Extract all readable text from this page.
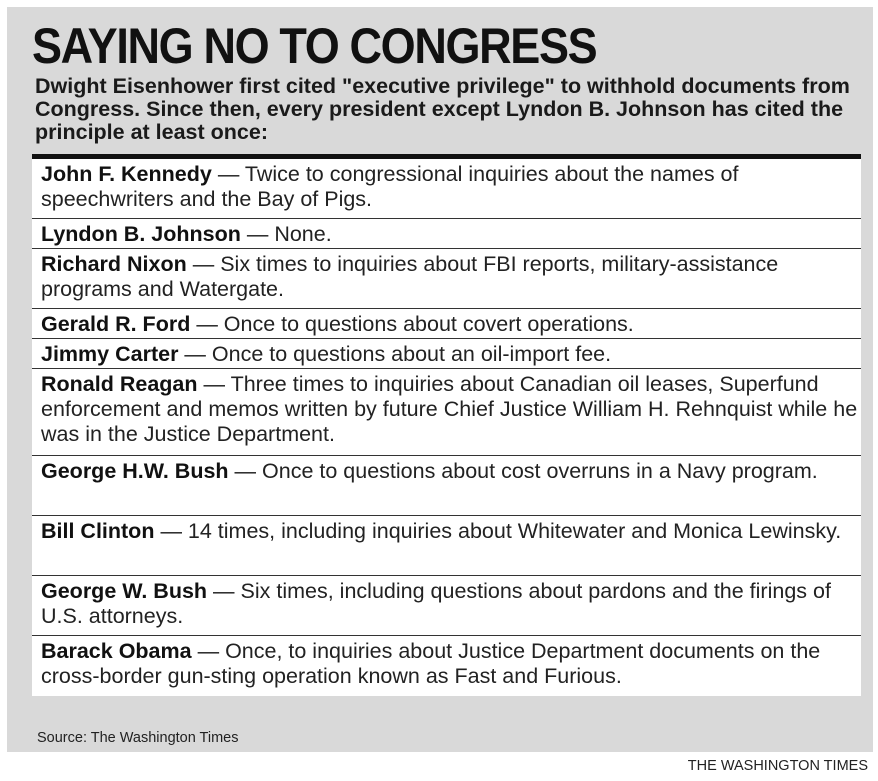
SAYING NO TO CONGRESS

Dwight Eisenhower first cited "executive privilege" to withhold documents from Congress. Since then, every president except Lyndon B. Johnson has cited the principle at least once:

John F. Kennedy — Twice to congressional inquiries about the names of speechwriters and the Bay of Pigs.
Lyndon B. Johnson — None.
Richard Nixon — Six times to inquiries about FBI reports, military-assistance programs and Watergate.
Gerald R. Ford — Once to questions about covert operations.
Jimmy Carter — Once to questions about an oil-import fee.
Ronald Reagan — Three times to inquiries about Canadian oil leases, Superfund enforcement and memos written by future Chief Justice William H. Rehnquist while he was in the Justice Department.
George H.W. Bush — Once to questions about cost overruns in a Navy program.
Bill Clinton — 14 times, including inquiries about Whitewater and Monica Lewinsky.
George W. Bush — Six times, including questions about pardons and the firings of U.S. attorneys.
Barack Obama — Once, to inquiries about Justice Department documents on the cross-border gun-sting operation known as Fast and Furious.

Source: The Washington Times

THE WASHINGTON TIMES
